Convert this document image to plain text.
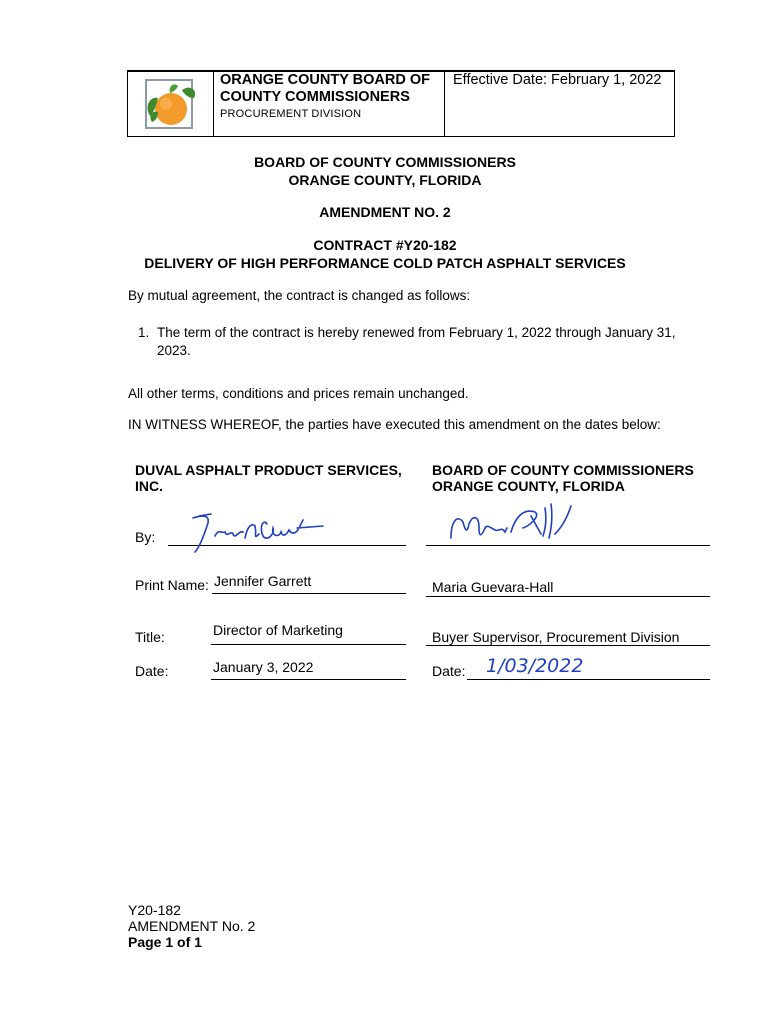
ORANGE COUNTY BOARD OF
COUNTY COMMISSIONERS
PROCUREMENT DIVISION
Effective Date: February 1, 2022
BOARD OF COUNTY COMMISSIONERS
ORANGE COUNTY, FLORIDA
AMENDMENT NO. 2
CONTRACT #Y20-182
DELIVERY OF HIGH PERFORMANCE COLD PATCH ASPHALT SERVICES
By mutual agreement, the contract is changed as follows:
1. The term of the contract is hereby renewed from February 1, 2022 through January 31,
2023.
All other terms, conditions and prices remain unchanged.
IN WITNESS WHEREOF, the parties have executed this amendment on the dates below:
DUVAL ASPHALT PRODUCT SERVICES,
INC.
By:
Print Name: Jennifer Garrett
Title:	Director of Marketing
Date:	January 3, 2022
BOARD OF COUNTY COMMISSIONERS
ORANGE COUNTY, FLORIDA
Maria Guevara-Hall
Buyer Supervisor, Procurement Division
Date: 1/03/2022
Y20-182
AMENDMENT No. 2
Page 1 of 1
